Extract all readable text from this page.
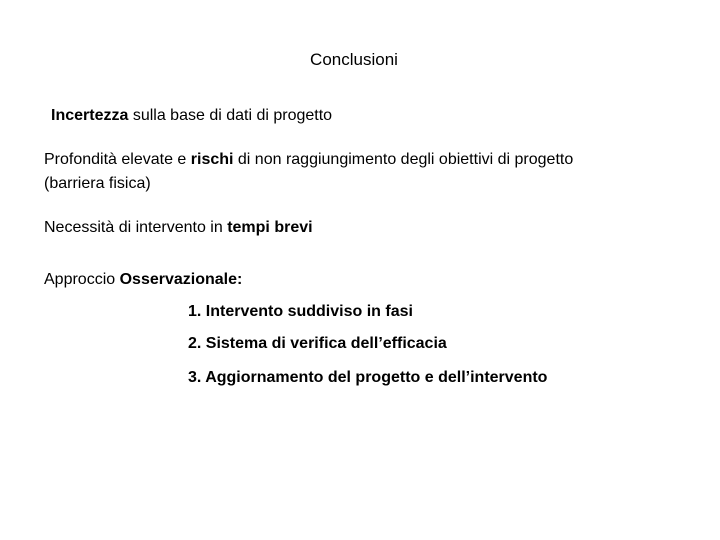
Conclusioni
Incertezza sulla base di dati di progetto
Profondità elevate e rischi di non raggiungimento degli obiettivi di progetto
(barriera fisica)
Necessità di intervento in tempi brevi
Approccio Osservazionale:
1. Intervento suddiviso in fasi
2. Sistema di verifica dell’efficacia
3. Aggiornamento del progetto e dell’intervento
